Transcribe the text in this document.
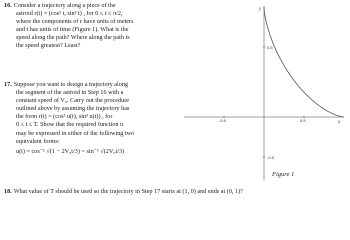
16. Consider a trajectory along a piece of the
astroid r(t) = (cos³ t, sin³ t) , for 0 ≤ t ≤ π/2,
where the components of r have units of meters
and t has units of time (Figure 1). What is the
speed along the path? Where along the path is
the speed greatest? Least?
17. Suppose you want to design a trajectory along
the segment of the astroid in Step 16 with a
constant speed of V₀. Carry out the procedure
outlined above by assuming the trajectory has
the form r(t) = (cos³ u(t), sin³ u(t)) , for
0 ≤ t ≤ T. Show that the required function u
may be expressed in either of the following two
equivalent forms:
u(t) = cos⁻¹ √(1 − 2V₀t/3) = sin⁻¹ √(2V₀t/3)
y
x
-0.5	0.5
0.5
-0.5
Figure 1
18. What value of T should be used so the trajectory in Step 17 starts at (1, 0) and ends at (0, 1)?
